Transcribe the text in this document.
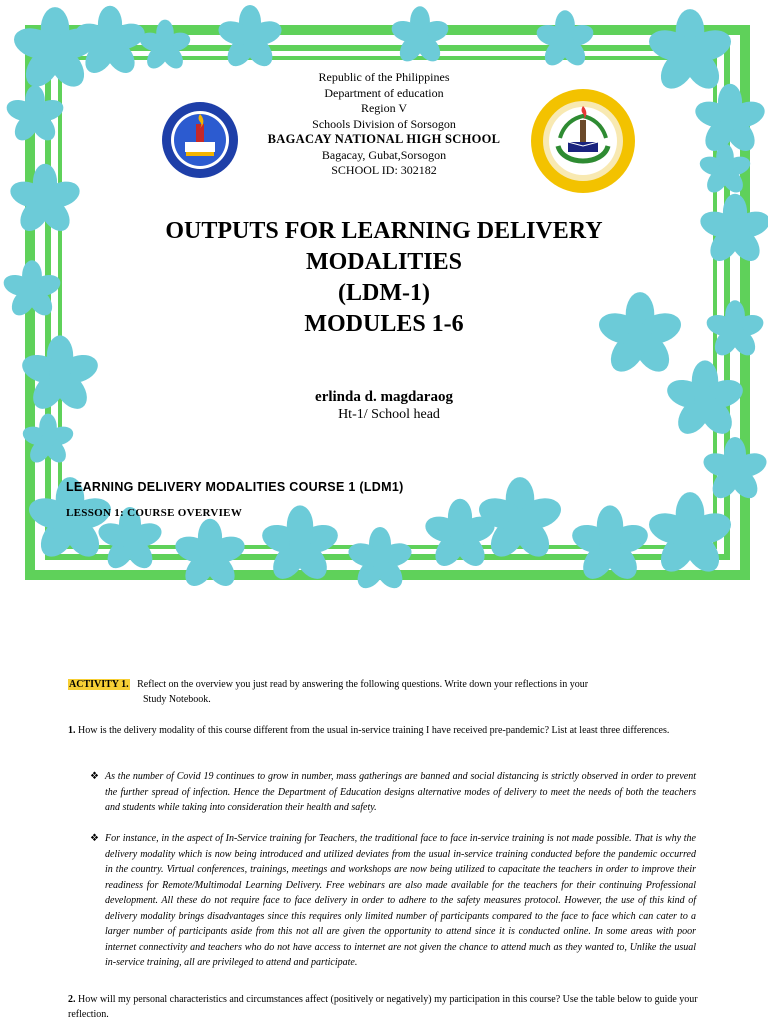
Republic of the Philippines
Department of education
Region V
Schools Division of Sorsogon
BAGACAY NATIONAL HIGH SCHOOL
Bagacay, Gubat,Sorsogon
SCHOOL ID: 302182
OUTPUTS FOR LEARNING DELIVERY
MODALITIES
(LDM-1)
MODULES 1-6
erlinda d. magdaraog
Ht-1/ School head
LEARNING DELIVERY MODALITIES COURSE 1 (LDM1)
LESSON 1: COURSE OVERVIEW
ACTIVITY 1. Reflect on the overview you just read by answering the following questions. Write down your reflections in your
Study Notebook.
1. How is the delivery modality of this course different from the usual in-service training I have received pre-pandemic? List at least three differences.
❖ As the number of Covid 19 continues to grow in number, mass gatherings are banned and social distancing is strictly observed in order to prevent the further spread of infection. Hence the Department of Education designs alternative modes of delivery to meet the needs of both the teachers and students while taking into consideration their health and safety.
❖ For instance, in the aspect of In-Service training for Teachers, the traditional face to face in-service training is not made possible. That is why the delivery modality which is now being introduced and utilized deviates from the usual in-service training conducted before the pandemic occurred in the country. Virtual conferences, trainings, meetings and workshops are now being utilized to capacitate the teachers in order to improve their readiness for Remote/Multimodal Learning Delivery. Free webinars are also made available for the teachers for their continuing Professional development. All these do not require face to face delivery in order to adhere to the safety measures protocol. However, the use of this kind of delivery modality brings disadvantages since this requires only limited number of participants compared to the face to face which can cater to a larger number of participants aside from this not all are given the opportunity to attend since it is conducted online. In some areas with poor internet connectivity and teachers who do not have access to internet are not given the chance to attend much as they wanted to, Unlike the usual in-service training, all are privileged to attend and participate.
2. How will my personal characteristics and circumstances affect (positively or negatively) my participation in this course? Use the table below to guide your reflection.
